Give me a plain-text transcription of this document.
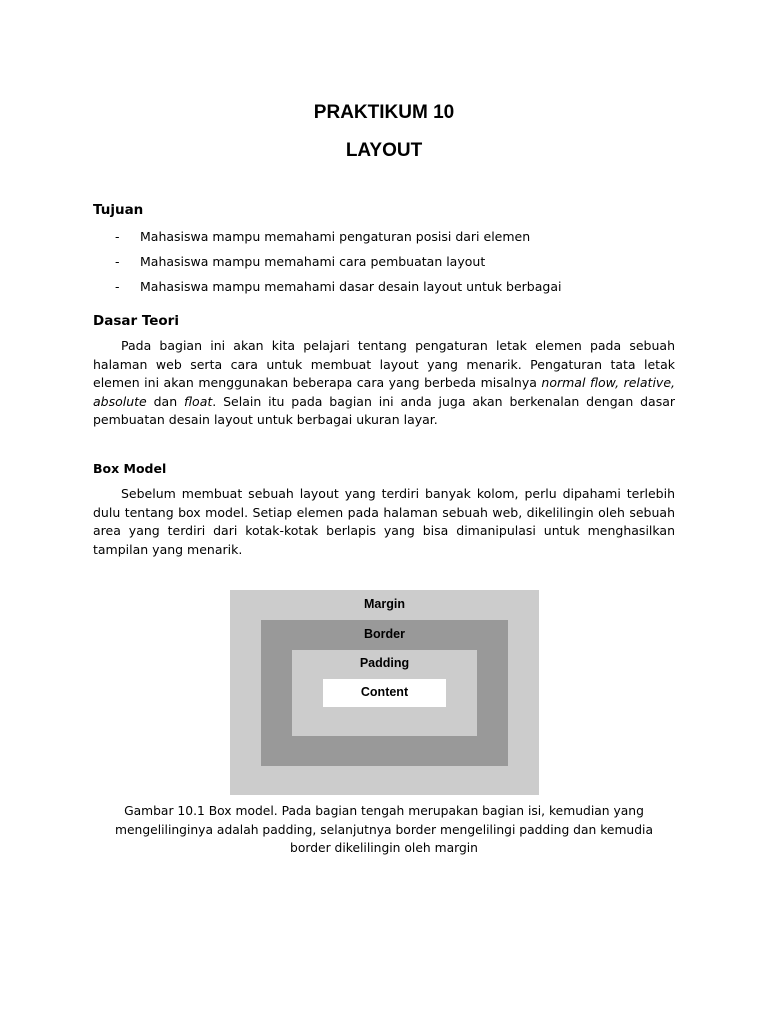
PRAKTIKUM 10
LAYOUT
Tujuan
- Mahasiswa mampu memahami pengaturan posisi dari elemen
- Mahasiswa mampu memahami cara pembuatan layout
- Mahasiswa mampu memahami dasar desain layout untuk berbagai
Dasar Teori

Pada bagian ini akan kita pelajari tentang pengaturan letak elemen pada sebuah halaman web serta cara untuk membuat layout yang menarik. Pengaturan tata letak elemen ini akan menggunakan beberapa cara yang berbeda misalnya normal flow, relative, absolute dan float. Selain itu pada bagian ini anda juga akan berkenalan dengan dasar pembuatan desain layout untuk berbagai ukuran layar.

Box Model

Sebelum membuat sebuah layout yang terdiri banyak kolom, perlu dipahami terlebih dulu tentang box model. Setiap elemen pada halaman sebuah web, dikelilingin oleh sebuah area yang terdiri dari kotak-kotak berlapis yang bisa dimanipulasi untuk menghasilkan tampilan yang menarik.

Margin
Border
Padding
Content

Gambar 10.1 Box model. Pada bagian tengah merupakan bagian isi, kemudian yang mengelilinginya adalah padding, selanjutnya border mengelilingi padding dan kemudia border dikelilingin oleh margin
